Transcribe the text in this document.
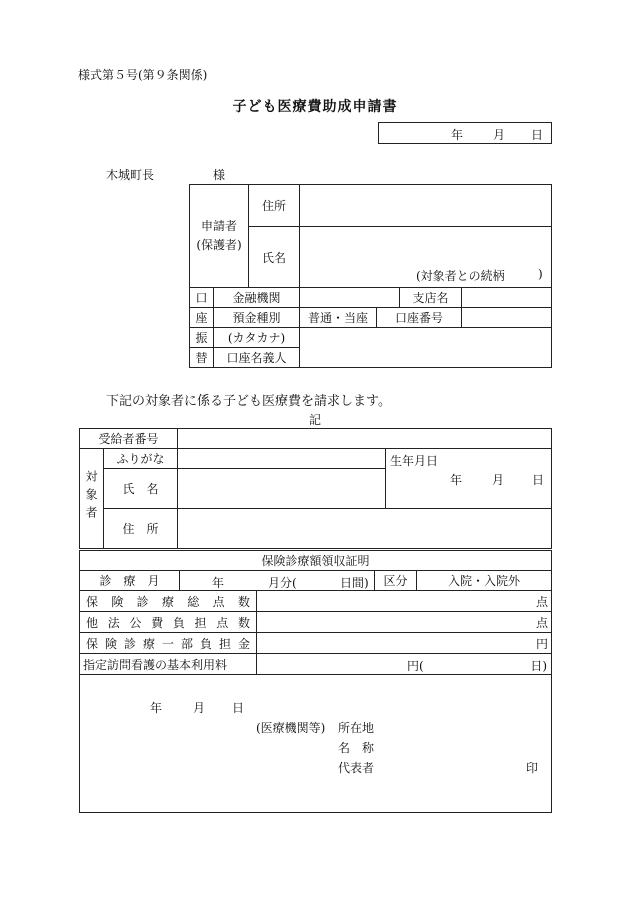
様式第５号(第９条関係)
子ども医療費助成申請書
年 月 日
木城町長	様
申請者
(保護者)	住所	
	氏名	(対象者との続柄 )
口	金融機関			支店名	
座	預金種別	普通・当座	口座番号		
振	(カタカナ)				
替	口座名義人				
下記の対象者に係る子ども医療費を請求します。
記
受給者番号			
対象者	ふりがな		生年月日
年 月 日

	氏　名		
	住　所		
保険診療額領収証明
診　療　月	年	月分(	日間)	区分	入院・入院外
保険診療総点数	点
他法公費負担点数	点
保険診療一部負担金	円
指定訪問看護の基本利用料	円( 日)
年	月 日
(医療機関等) 所在地
名　称
代表者	印
